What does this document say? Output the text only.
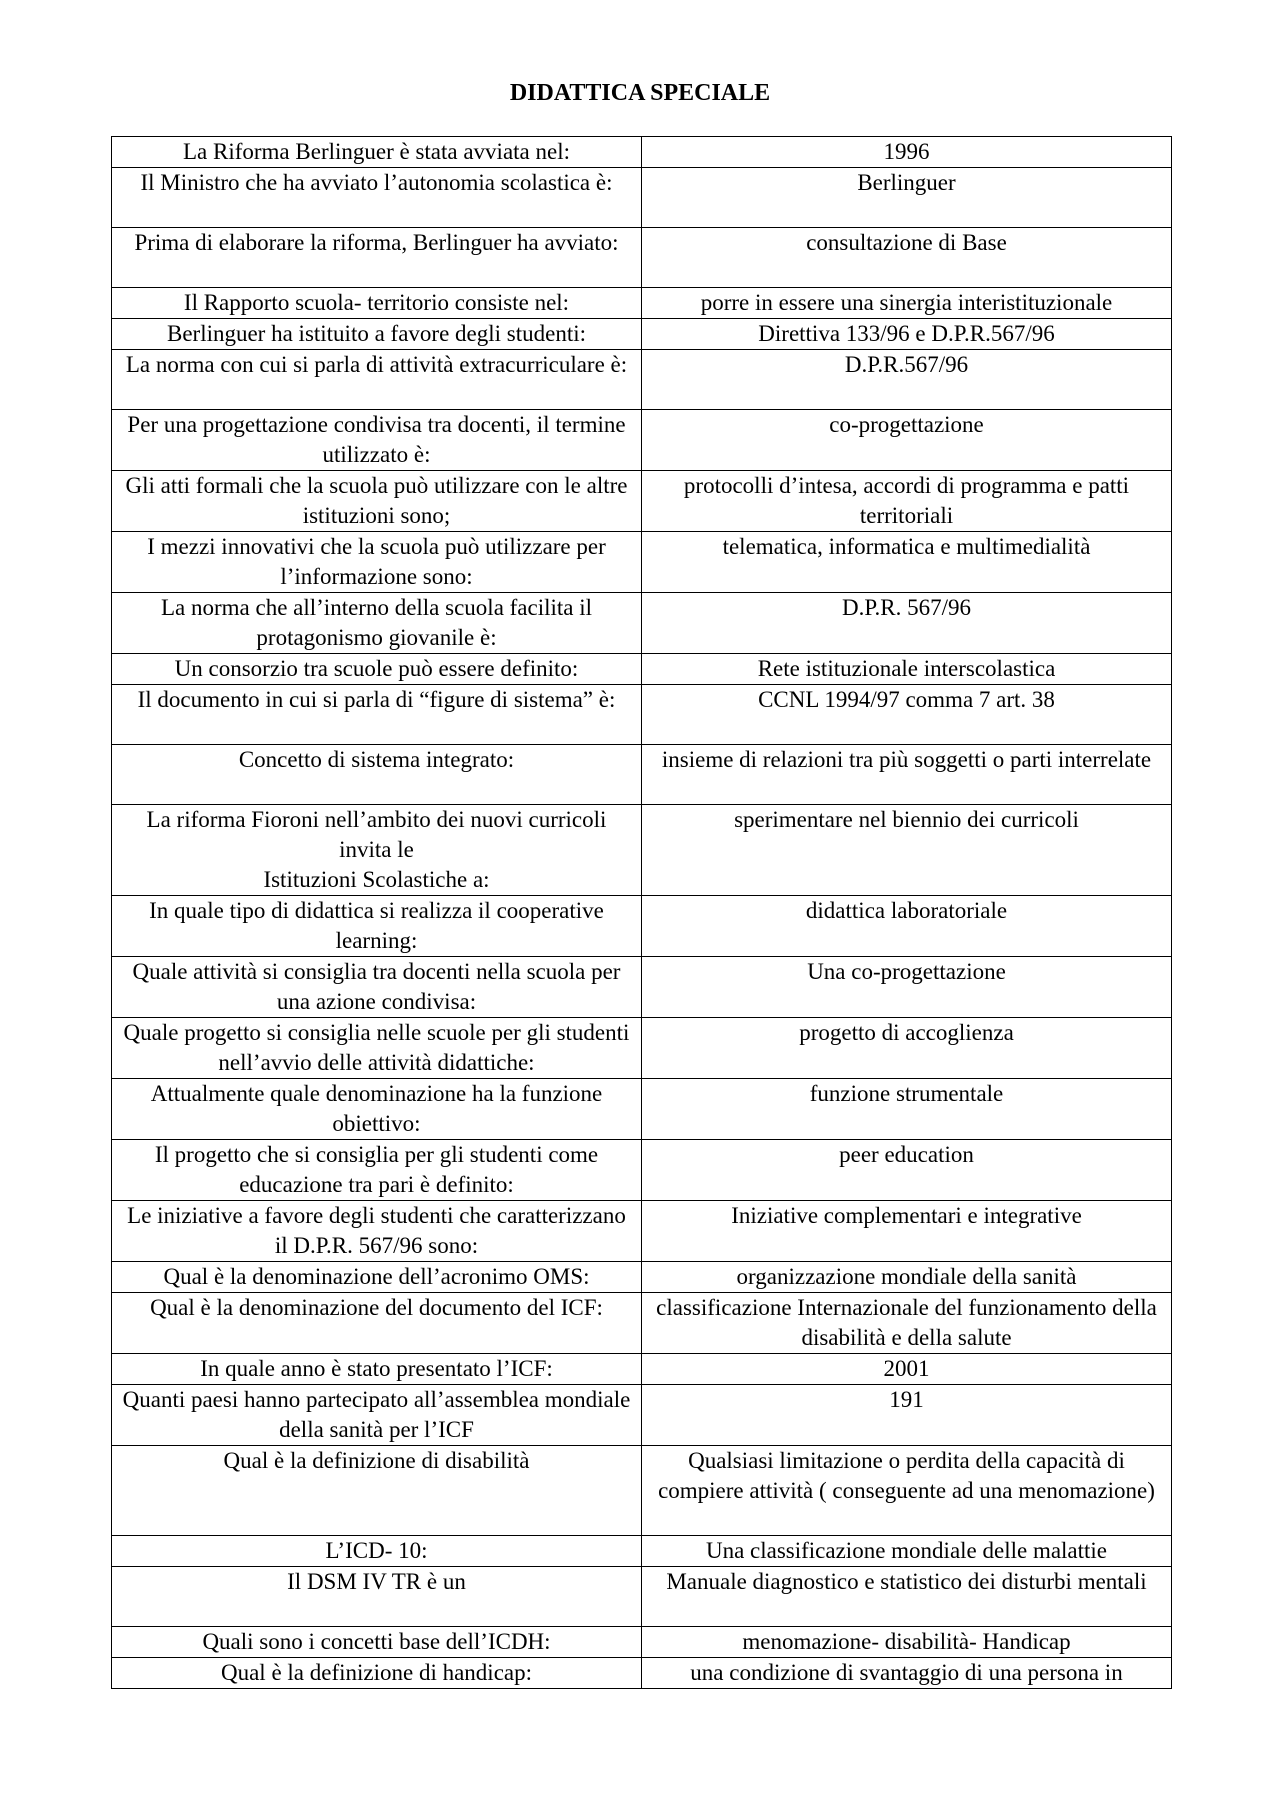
DIDATTICA SPECIALE
La Riforma Berlinguer è stata avviata nel:	1996
Il Ministro che ha avviato l’autonomia scolastica è:	Berlinguer
Prima di elaborare la riforma, Berlinguer ha avviato:	consultazione di Base
Il Rapporto scuola- territorio consiste nel:	porre in essere una sinergia interistituzionale
Berlinguer ha istituito a favore degli studenti:	Direttiva 133/96 e D.P.R.567/96
La norma con cui si parla di attività extracurriculare è:	D.P.R.567/96
Per una progettazione condivisa tra docenti, il termine utilizzato è:	co-progettazione
Gli atti formali che la scuola può utilizzare con le altre istituzioni sono;	protocolli d’intesa, accordi di programma e patti territoriali
I mezzi innovativi che la scuola può utilizzare per l’informazione sono:	telematica, informatica e multimedialità
La norma che all’interno della scuola facilita il protagonismo giovanile è:	D.P.R. 567/96
Un consorzio tra scuole può essere definito:	Rete istituzionale interscolastica
Il documento in cui si parla di “figure di sistema” è:	CCNL 1994/97 comma 7 art. 38
Concetto di sistema integrato:	insieme di relazioni tra più soggetti o parti interrelate
La riforma Fioroni nell’ambito dei nuovi curricoli invita le
Istituzioni Scolastiche a:	sperimentare nel biennio dei curricoli
In quale tipo di didattica si realizza il cooperative learning:	didattica laboratoriale
Quale attività si consiglia tra docenti nella scuola per una azione condivisa:	Una co-progettazione
Quale progetto si consiglia nelle scuole per gli studenti nell’avvio delle attività didattiche:	progetto di accoglienza
Attualmente quale denominazione ha la funzione obiettivo:	funzione strumentale
Il progetto che si consiglia per gli studenti come educazione tra pari è definito:	peer education
Le iniziative a favore degli studenti che caratterizzano il D.P.R. 567/96 sono:	Iniziative complementari e integrative
Qual è la denominazione dell’acronimo OMS:	organizzazione mondiale della sanità
Qual è la denominazione del documento del ICF:	classificazione Internazionale del funzionamento della disabilità e della salute
In quale anno è stato presentato l’ICF:	2001
Quanti paesi hanno partecipato all’assemblea mondiale della sanità per l’ICF	191
Qual è la definizione di disabilità	Qualsiasi limitazione o perdita della capacità di compiere attività ( conseguente ad una menomazione)
L’ICD- 10:	Una classificazione mondiale delle malattie
Il DSM IV TR è un	Manuale diagnostico e statistico dei disturbi mentali
Quali sono i concetti base dell’ICDH:	menomazione- disabilità- Handicap
Qual è la definizione di handicap:	una condizione di svantaggio di una persona in
